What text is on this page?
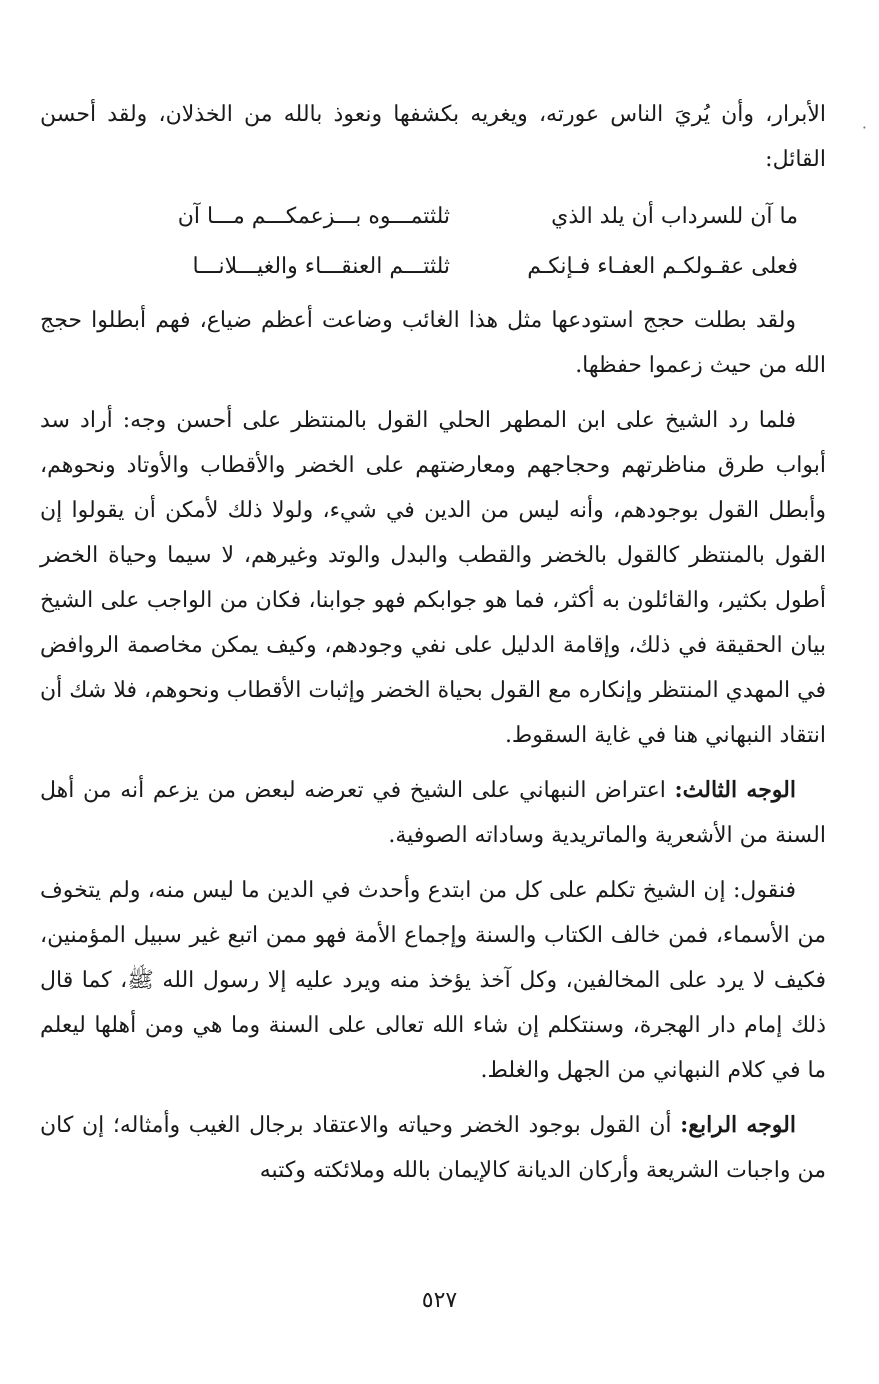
·

الأبرار، وأن يُريَ الناس عورته، ويغريه بكشفها ونعوذ بالله من الخذلان، ولقد أحسن القائل:

ما آن للسرداب أن يلد الذي
ثلثتمـــوه بـــزعمكـــم مـــا آن
فعلى عقـولكـم العفـاء فـإنكـم
ثلثتـــم العنقـــاء والغيـــلانـــا

ولقد بطلت حجج استودعها مثل هذا الغائب وضاعت أعظم ضياع، فهم أبطلوا حجج الله من حيث زعموا حفظها.

فلما رد الشيخ على ابن المطهر الحلي القول بالمنتظر على أحسن وجه: أراد سد أبواب طرق مناظرتهم وحجاجهم ومعارضتهم على الخضر والأقطاب والأوتاد ونحوهم، وأبطل القول بوجودهم، وأنه ليس من الدين في شيء، ولولا ذلك لأمكن أن يقولوا إن القول بالمنتظر كالقول بالخضر والقطب والبدل والوتد وغيرهم، لا سيما وحياة الخضر أطول بكثير، والقائلون به أكثر، فما هو جوابكم فهو جوابنا، فكان من الواجب على الشيخ بيان الحقيقة في ذلك، وإقامة الدليل على نفي وجودهم، وكيف يمكن مخاصمة الروافض في المهدي المنتظر وإنكاره مع القول بحياة الخضر وإثبات الأقطاب ونحوهم، فلا شك أن انتقاد النبهاني هنا في غاية السقوط.

الوجه الثالث: اعتراض النبهاني على الشيخ في تعرضه لبعض من يزعم أنه من أهل السنة من الأشعرية والماتريدية وساداته الصوفية.

فنقول: إن الشيخ تكلم على كل من ابتدع وأحدث في الدين ما ليس منه، ولم يتخوف من الأسماء، فمن خالف الكتاب والسنة وإجماع الأمة فهو ممن اتبع غير سبيل المؤمنين، فكيف لا يرد على المخالفين، وكل آخذ يؤخذ منه ويرد عليه إلا رسول الله ﷺ، كما قال ذلك إمام دار الهجرة، وسنتكلم إن شاء الله تعالى على السنة وما هي ومن أهلها ليعلم ما في كلام النبهاني من الجهل والغلط.

الوجه الرابع: أن القول بوجود الخضر وحياته والاعتقاد برجال الغيب وأمثاله؛ إن كان من واجبات الشريعة وأركان الديانة كالإيمان بالله وملائكته وكتبه

٥٢٧
